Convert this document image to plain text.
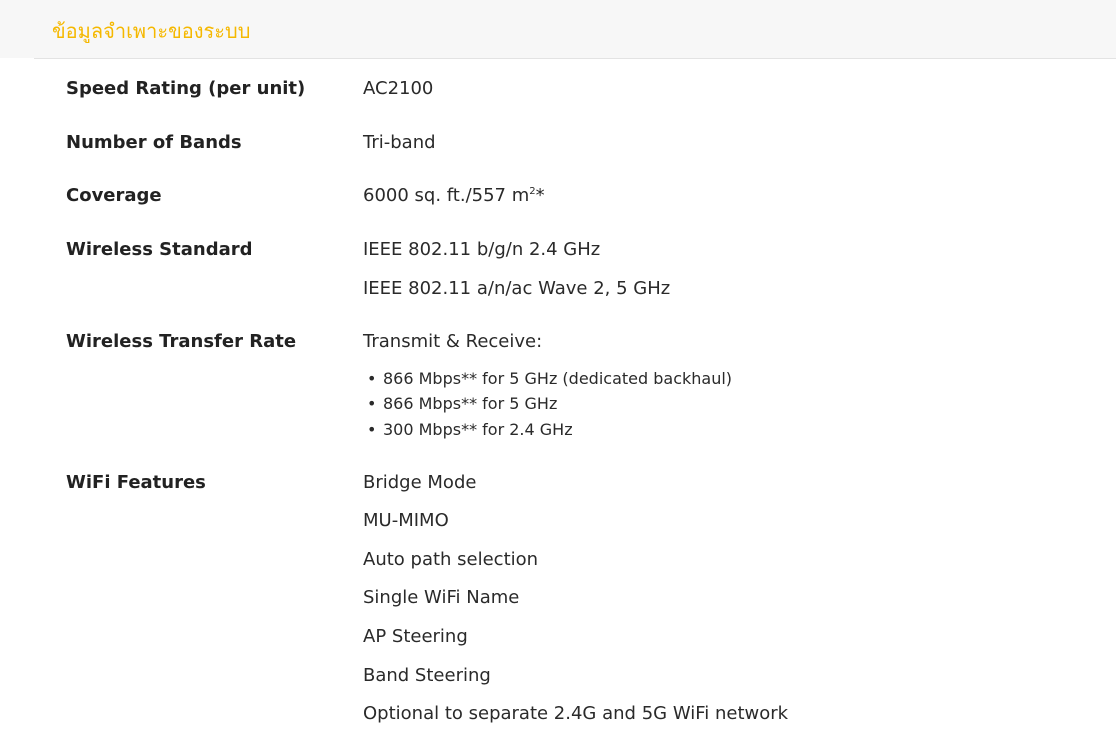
ข้อมูลจำเพาะของระบบ
Speed Rating (per unit)	AC2100
Number of Bands	Tri-band
Coverage	6000 sq. ft./557 $m^2*$
Wireless Standard	IEEE 802.11 b/g/n 2.4 GHz
IEEE 802.11 a/n/ac Wave 2, 5 GHz
Wireless Transfer Rate	Transmit & Receive:
• 866 Mbps** for 5 GHz (dedicated backhaul)
• 866 Mbps** for 5 GHz
• 300 Mbps** for 2.4 GHz
WiFi Features	Bridge Mode
MU-MIMO
Auto path selection
Single WiFi Name
AP Steering
Band Steering
Optional to separate 2.4G and 5G WiFi network
